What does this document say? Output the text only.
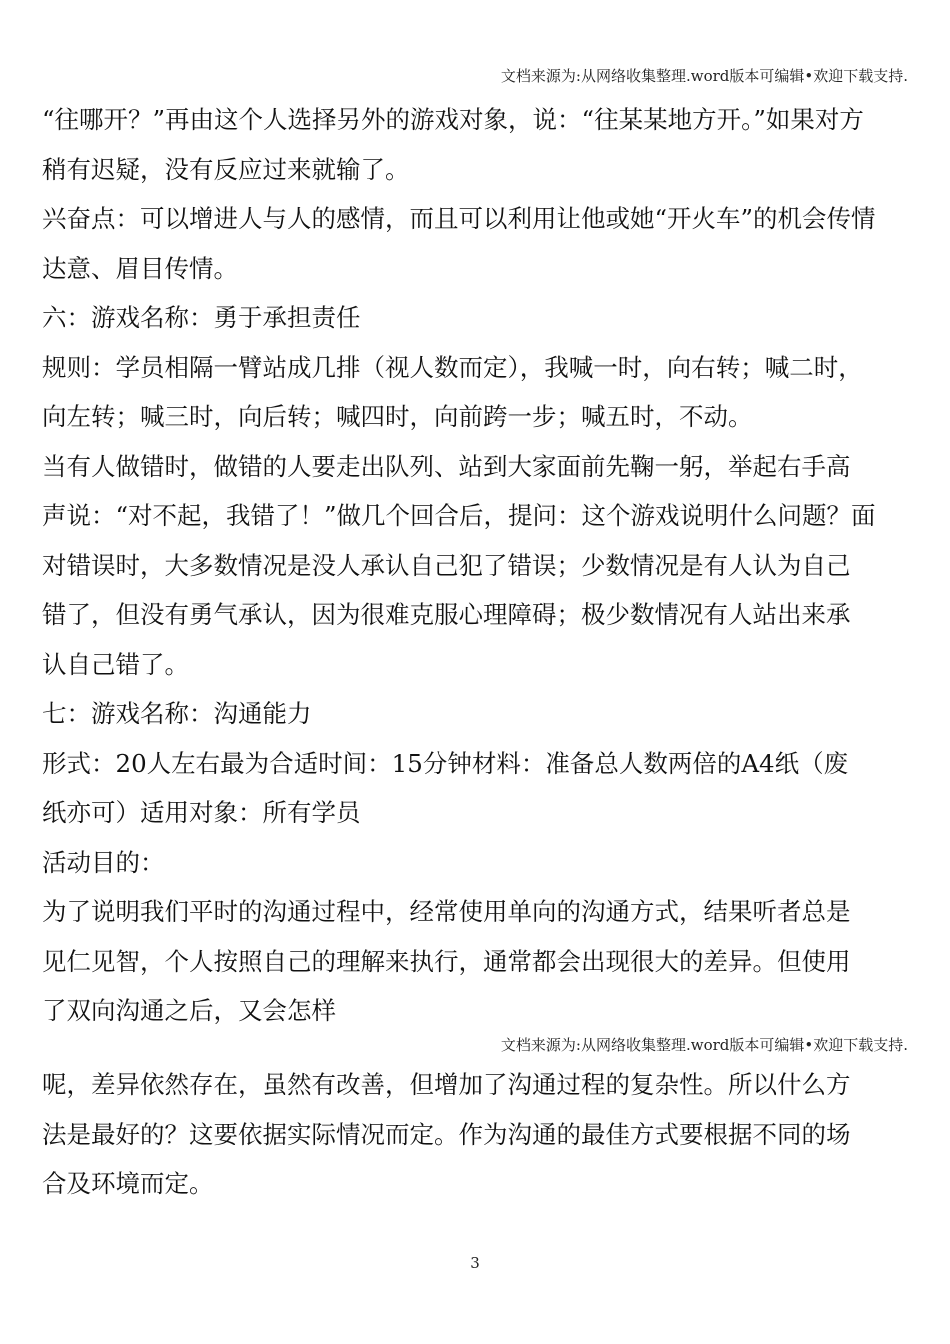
文档来源为:从网络收集整理.word版本可编辑•欢迎下载支持.
“往哪开？”再由这个人选择另外的游戏对象，说：“往某某地方开。”如果对方
稍有迟疑，没有反应过来就输了。
兴奋点：可以增进人与人的感情，而且可以利用让他或她“开火车”的机会传情
达意、眉目传情。
六：游戏名称：勇于承担责任
规则：学员相隔一臂站成几排（视人数而定），我喊一时，向右转；喊二时，
向左转；喊三时，向后转；喊四时，向前跨一步；喊五时，不动。
当有人做错时，做错的人要走出队列、站到大家面前先鞠一躬，举起右手高
声说：“对不起，我错了！”做几个回合后，提问：这个游戏说明什么问题？面
对错误时，大多数情况是没人承认自己犯了错误；少数情况是有人认为自己
错了，但没有勇气承认，因为很难克服心理障碍；极少数情况有人站出来承
认自己错了。
七：游戏名称：沟通能力
形式：20人左右最为合适时间：15分钟材料：准备总人数两倍的A4纸（废
纸亦可）适用对象：所有学员
活动目的：
为了说明我们平时的沟通过程中，经常使用单向的沟通方式，结果听者总是
见仁见智，个人按照自己的理解来执行，通常都会出现很大的差异。但使用
了双向沟通之后，又会怎样
文档来源为:从网络收集整理.word版本可编辑•欢迎下载支持.
呢，差异依然存在，虽然有改善，但增加了沟通过程的复杂性。所以什么方
法是最好的？这要依据实际情况而定。作为沟通的最佳方式要根据不同的场
合及环境而定。
3
